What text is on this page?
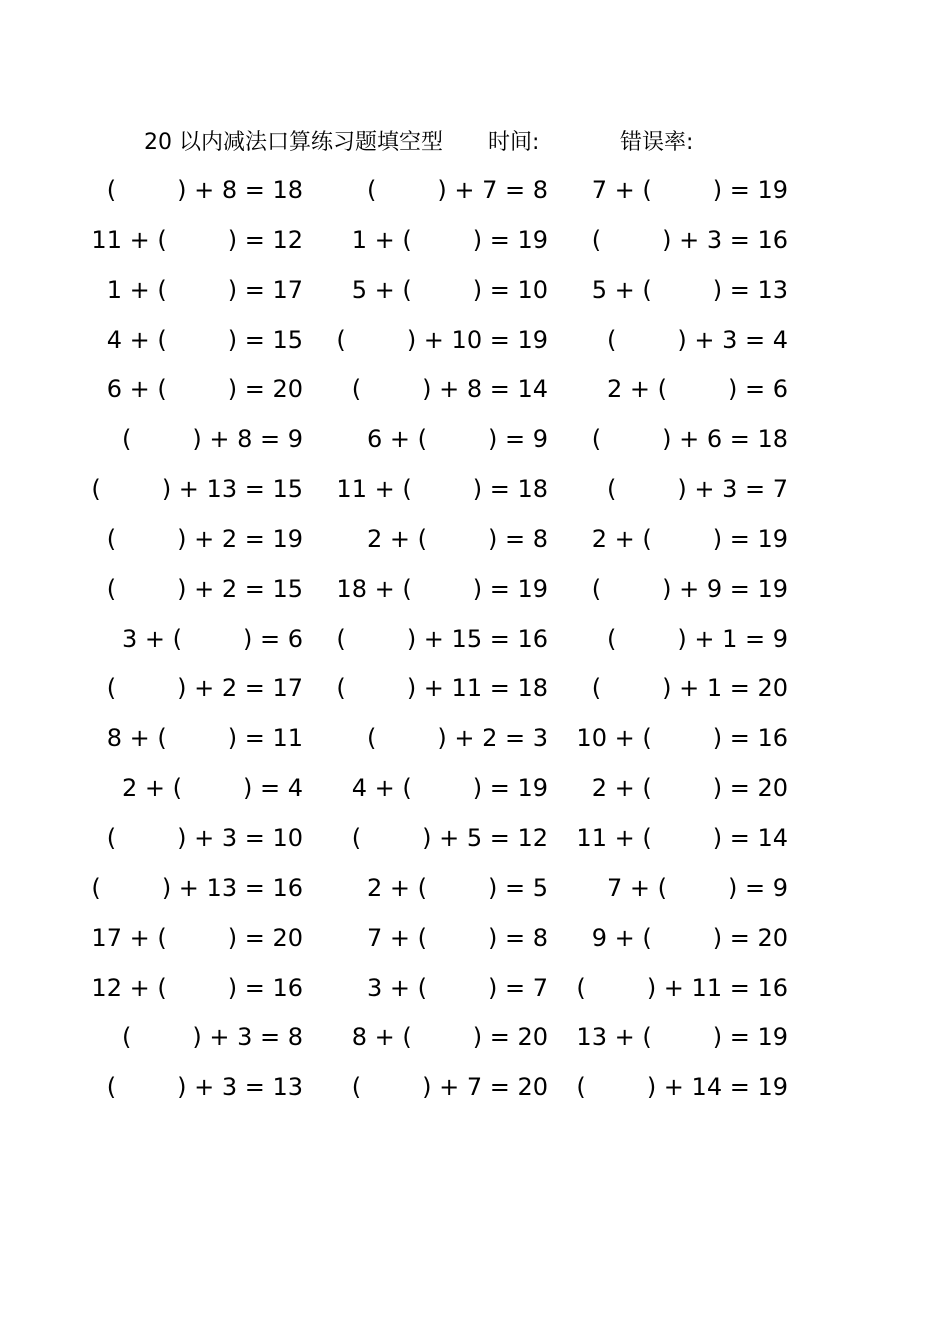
20 以内减法口算练习题填空型 时间:	错误率:
(        ) + 8 = 18	(        ) + 7 = 8	7 + (        ) = 19
11 + (        ) = 12	1 + (        ) = 19	(        ) + 3 = 16
1 + (        ) = 17	5 + (        ) = 10	5 + (        ) = 13
4 + (        ) = 15	(        ) + 10 = 19	(        ) + 3 = 4
6 + (        ) = 20	(        ) + 8 = 14	2 + (        ) = 6
(        ) + 8 = 9	6 + (        ) = 9	(        ) + 6 = 18
(        ) + 13 = 15	11 + (        ) = 18	(        ) + 3 = 7
(        ) + 2 = 19	2 + (        ) = 8	2 + (        ) = 19
(        ) + 2 = 15	18 + (        ) = 19	(        ) + 9 = 19
3 + (        ) = 6	(        ) + 15 = 16	(        ) + 1 = 9
(        ) + 2 = 17	(        ) + 11 = 18	(        ) + 1 = 20
8 + (        ) = 11	(        ) + 2 = 3	10 + (        ) = 16
2 + (        ) = 4	4 + (        ) = 19	2 + (        ) = 20
(        ) + 3 = 10	(        ) + 5 = 12	11 + (        ) = 14
(        ) + 13 = 16	2 + (        ) = 5	7 + (        ) = 9
17 + (        ) = 20	7 + (        ) = 8	9 + (        ) = 20
12 + (        ) = 16	3 + (        ) = 7	(        ) + 11 = 16
(        ) + 3 = 8	8 + (        ) = 20	13 + (        ) = 19
(        ) + 3 = 13	(        ) + 7 = 20	(        ) + 14 = 19
